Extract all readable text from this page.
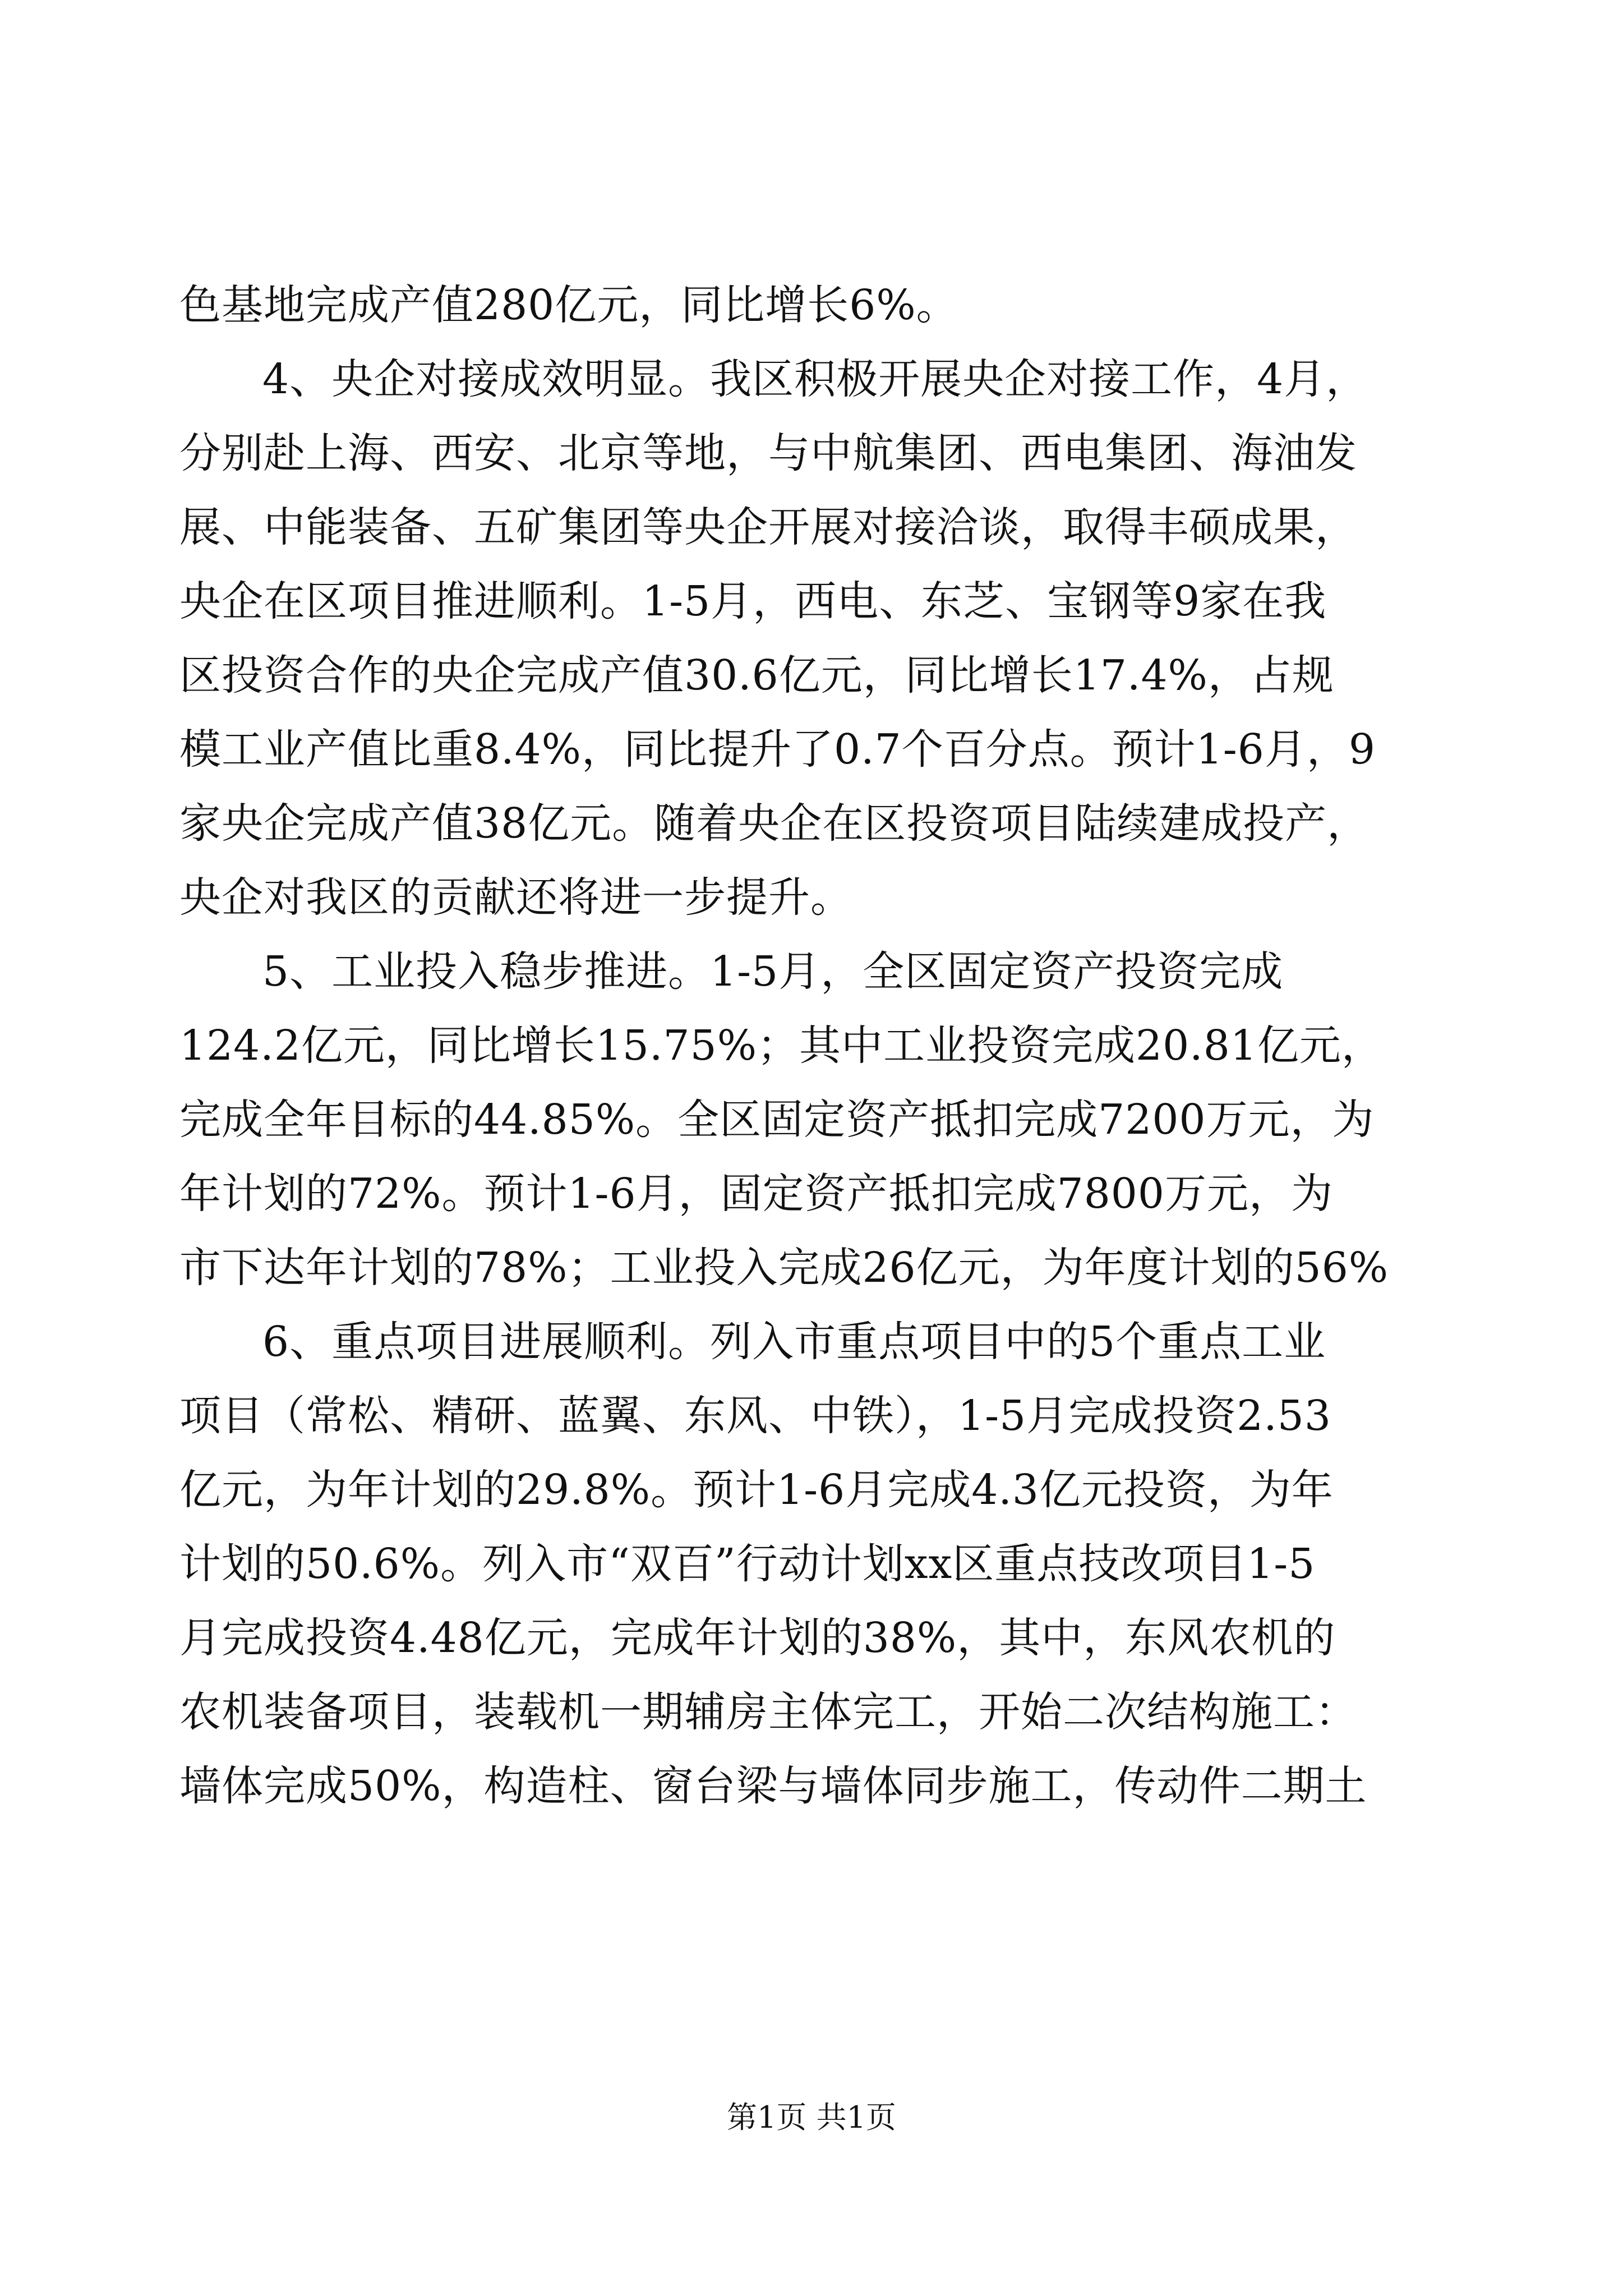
色基地完成产值280亿元，同比增长6%。
4、央企对接成效明显。我区积极开展央企对接工作，4月，
分别赴上海、西安、北京等地，与中航集团、西电集团、海油发
展、中能装备、五矿集团等央企开展对接洽谈，取得丰硕成果，
央企在区项目推进顺利。1-5月，西电、东芝、宝钢等9家在我
区投资合作的央企完成产值30.6亿元，同比增长17.4%，占规
模工业产值比重8.4%，同比提升了0.7个百分点。预计1-6月，9
家央企完成产值38亿元。随着央企在区投资项目陆续建成投产，
央企对我区的贡献还将进一步提升。
5、工业投入稳步推进。1-5月，全区固定资产投资完成
124.2亿元，同比增长15.75%；其中工业投资完成20.81亿元，
完成全年目标的44.85%。全区固定资产抵扣完成7200万元，为
年计划的72%。预计1-6月，固定资产抵扣完成7800万元，为
市下达年计划的78%；工业投入完成26亿元，为年度计划的56%
6、重点项目进展顺利。列入市重点项目中的5个重点工业
项目（常松、精研、蓝翼、东风、中铁），1-5月完成投资2.53
亿元，为年计划的29.8%。预计1-6月完成4.3亿元投资，为年
计划的50.6%。列入市“双百”行动计划xx区重点技改项目1-5
月完成投资4.48亿元，完成年计划的38%，其中，东风农机的
农机装备项目，装载机一期辅房主体完工，开始二次结构施工：
墙体完成50%，构造柱、窗台梁与墙体同步施工，传动件二期土
第1页 共1页
